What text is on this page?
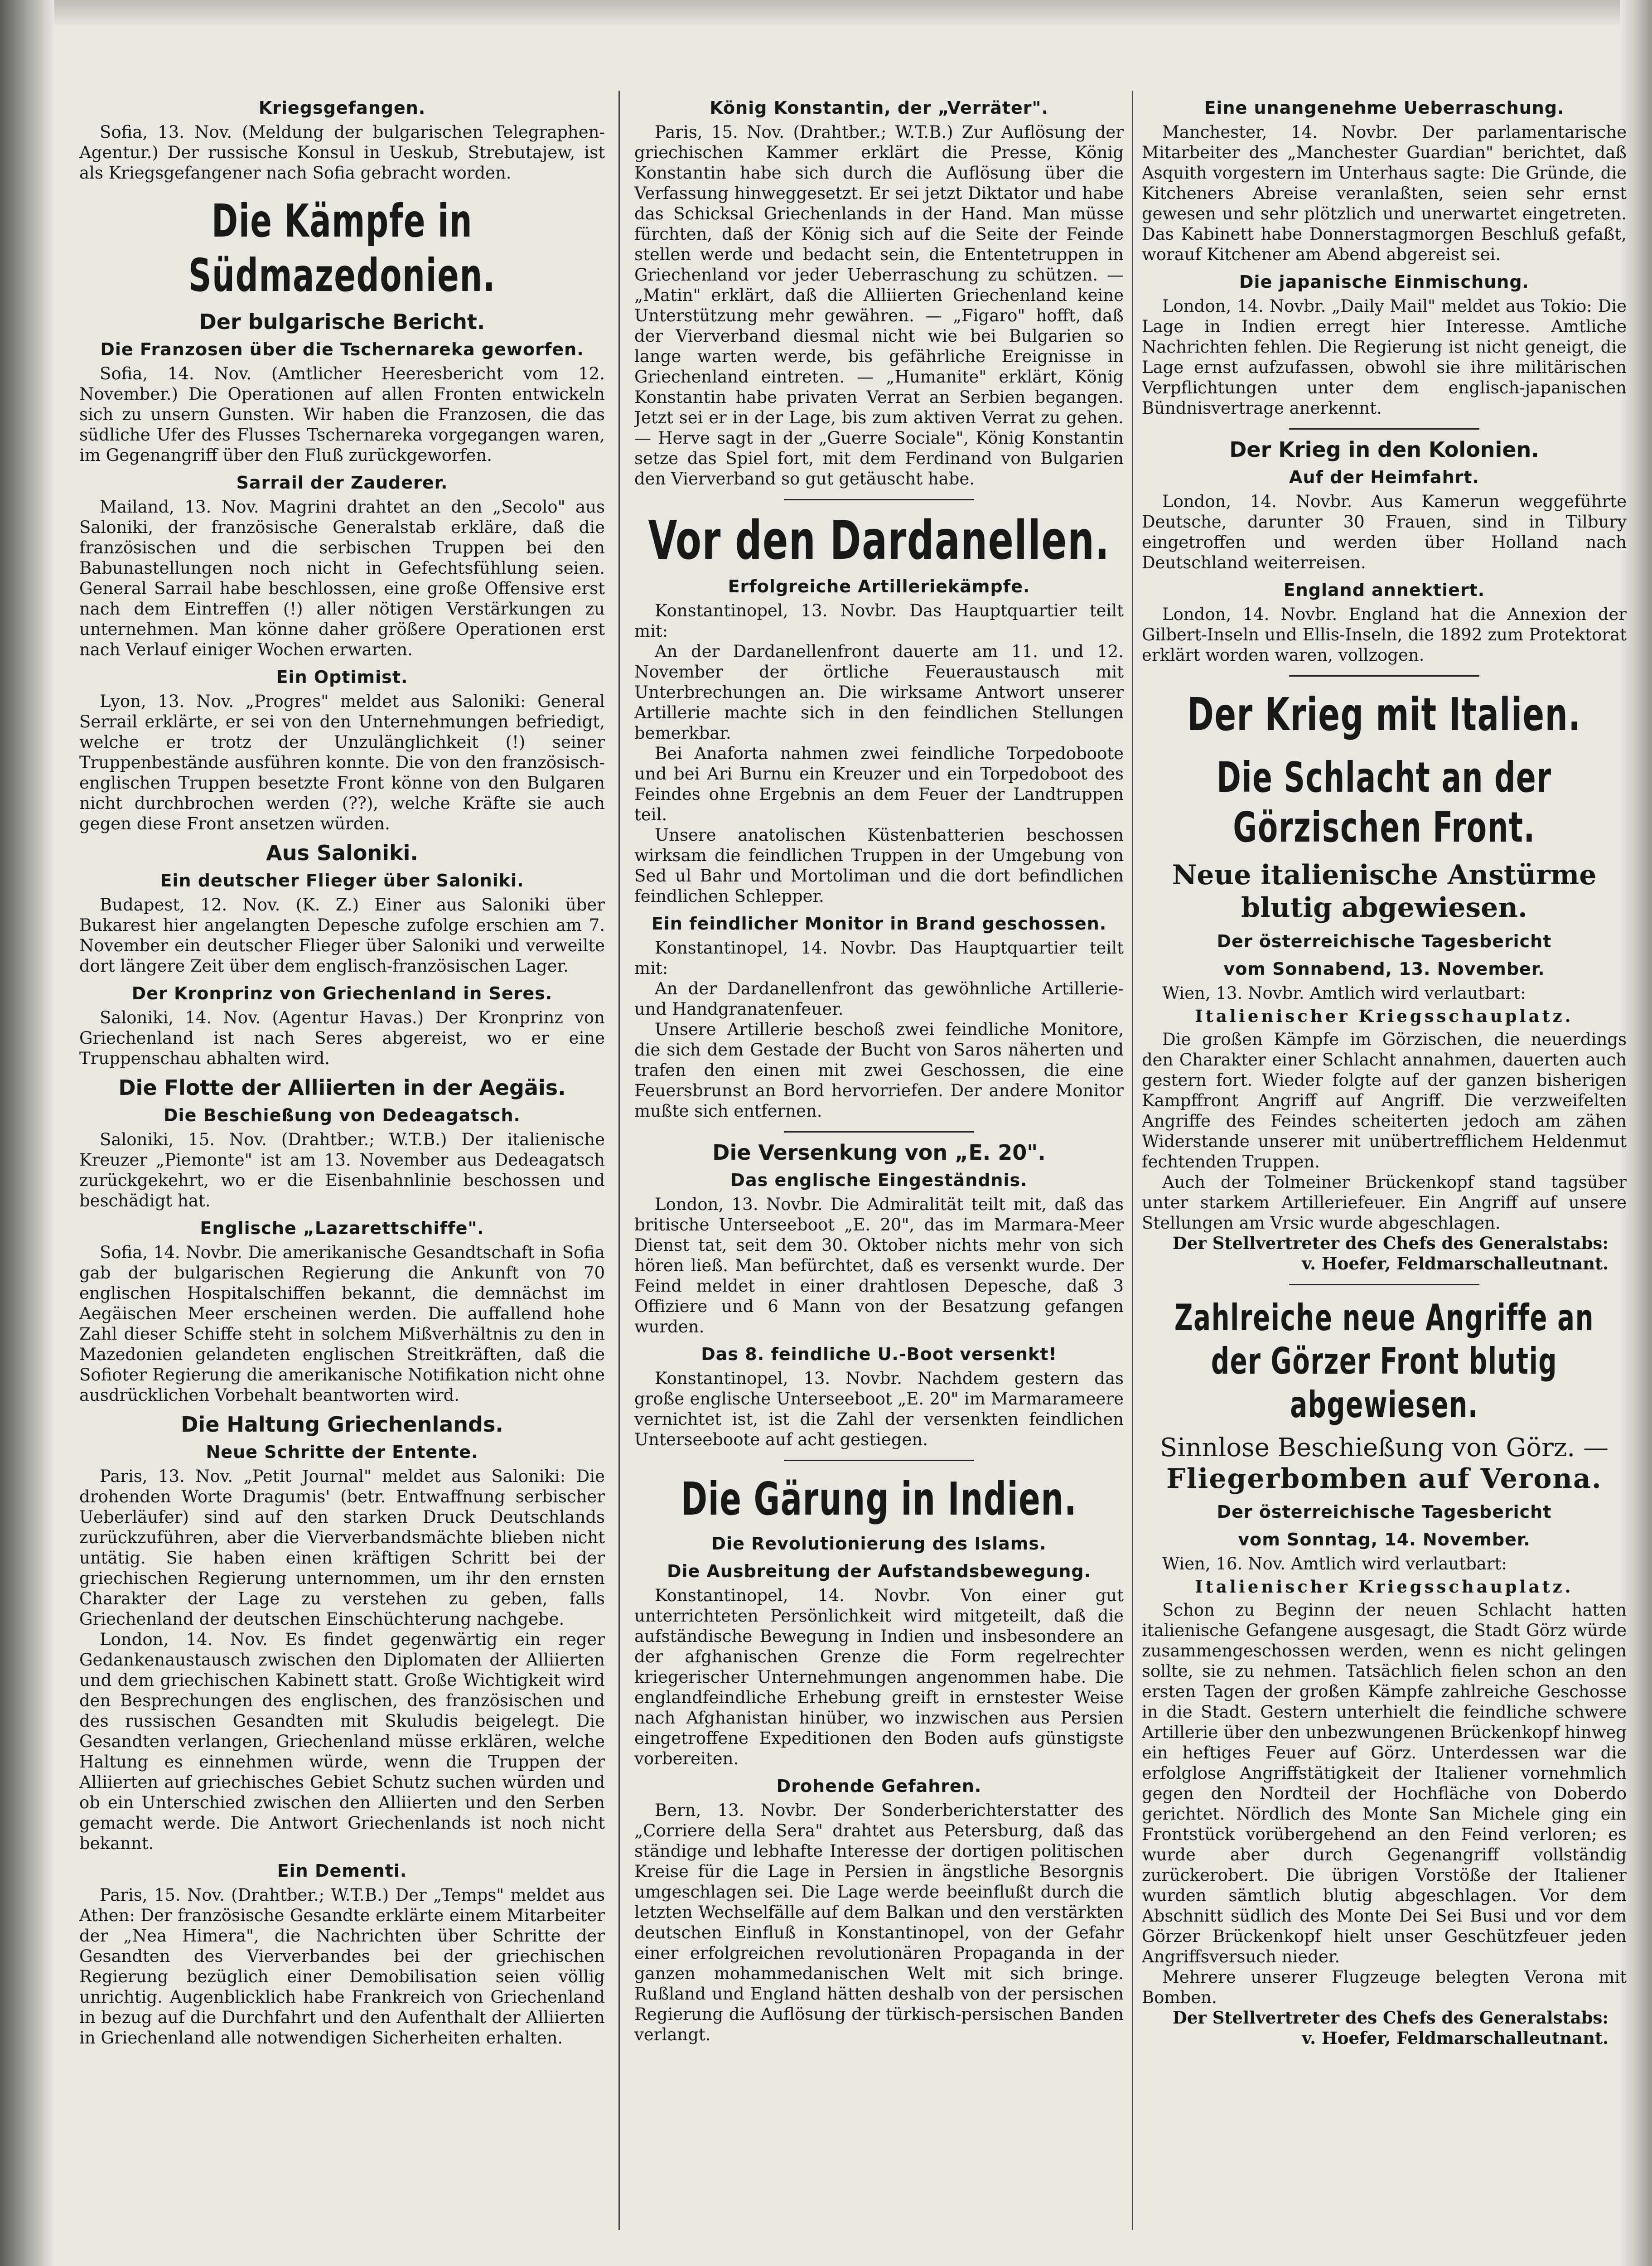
Kriegsgefangen.

Sofia, 13. Nov. (Meldung der bulgarischen Telegraphen-Agentur.) Der russische Konsul in Ueskub, Strebutajew, ist als Kriegsgefangener nach Sofia gebracht worden.

Die Kämpfe in Südmazedonien.
Der bulgarische Bericht.
Die Franzosen über die Tschernareka geworfen.

Sofia, 14. Nov. (Amtlicher Heeresbericht vom 12. November.) Die Operationen auf allen Fronten entwickeln sich zu unsern Gunsten. Wir haben die Franzosen, die das südliche Ufer des Flusses Tschernareka vorgegangen waren, im Gegenangriff über den Fluß zurückgeworfen.

Sarrail der Zauderer.

Mailand, 13. Nov. Magrini drahtet an den „Secolo" aus Saloniki, der französische Generalstab erkläre, daß die französischen und die serbischen Truppen bei den Babunastellungen noch nicht in Gefechtsfühlung seien. General Sarrail habe beschlossen, eine große Offensive erst nach dem Eintreffen (!) aller nötigen Verstärkungen zu unternehmen. Man könne daher größere Operationen erst nach Verlauf einiger Wochen erwarten.

Ein Optimist.

Lyon, 13. Nov. „Progres" meldet aus Saloniki: General Serrail erklärte, er sei von den Unternehmungen befriedigt, welche er trotz der Unzulänglichkeit (!) seiner Truppenbestände ausführen konnte. Die von den französisch-englischen Truppen besetzte Front könne von den Bulgaren nicht durchbrochen werden (??), welche Kräfte sie auch gegen diese Front ansetzen würden.

Aus Saloniki.
Ein deutscher Flieger über Saloniki.

Budapest, 12. Nov. (K. Z.) Einer aus Saloniki über Bukarest hier angelangten Depesche zufolge erschien am 7. November ein deutscher Flieger über Saloniki und verweilte dort längere Zeit über dem englisch-französischen Lager.

Der Kronprinz von Griechenland in Seres.

Saloniki, 14. Nov. (Agentur Havas.) Der Kronprinz von Griechenland ist nach Seres abgereist, wo er eine Truppenschau abhalten wird.

Die Flotte der Alliierten in der Aegäis.
Die Beschießung von Dedeagatsch.

Saloniki, 15. Nov. (Drahtber.; W.T.B.) Der italienische Kreuzer „Piemonte" ist am 13. November aus Dedeagatsch zurückgekehrt, wo er die Eisenbahnlinie beschossen und beschädigt hat.

Englische „Lazarettschiffe".

Sofia, 14. Novbr. Die amerikanische Gesandtschaft in Sofia gab der bulgarischen Regierung die Ankunft von 70 englischen Hospitalschiffen bekannt, die demnächst im Aegäischen Meer erscheinen werden. Die auffallend hohe Zahl dieser Schiffe steht in solchem Mißverhältnis zu den in Mazedonien gelandeten englischen Streitkräften, daß die Sofioter Regierung die amerikanische Notifikation nicht ohne ausdrücklichen Vorbehalt beantworten wird.

Die Haltung Griechenlands.
Neue Schritte der Entente.

Paris, 13. Nov. „Petit Journal" meldet aus Saloniki: Die drohenden Worte Dragumis' (betr. Entwaffnung serbischer Ueberläufer) sind auf den starken Druck Deutschlands zurückzuführen, aber die Vierverbandsmächte blieben nicht untätig. Sie haben einen kräftigen Schritt bei der griechischen Regierung unternommen, um ihr den ernsten Charakter der Lage zu verstehen zu geben, falls Griechenland der deutschen Einschüchterung nachgebe.

London, 14. Nov. Es findet gegenwärtig ein reger Gedankenaustausch zwischen den Diplomaten der Alliierten und dem griechischen Kabinett statt. Große Wichtigkeit wird den Besprechungen des englischen, des französischen und des russischen Gesandten mit Skuludis beigelegt. Die Gesandten verlangen, Griechenland müsse erklären, welche Haltung es einnehmen würde, wenn die Truppen der Alliierten auf griechisches Gebiet Schutz suchen würden und ob ein Unterschied zwischen den Alliierten und den Serben gemacht werde. Die Antwort Griechenlands ist noch nicht bekannt.

Ein Dementi.

Paris, 15. Nov. (Drahtber.; W.T.B.) Der „Temps" meldet aus Athen: Der französische Gesandte erklärte einem Mitarbeiter der „Nea Himera", die Nachrichten über Schritte der Gesandten des Vierverbandes bei der griechischen Regierung bezüglich einer Demobilisation seien völlig unrichtig. Augenblicklich habe Frankreich von Griechenland in bezug auf die Durchfahrt und den Aufenthalt der Alliierten in Griechenland alle notwendigen Sicherheiten erhalten.

König Konstantin, der „Verräter".

Paris, 15. Nov. (Drahtber.; W.T.B.) Zur Auflösung der griechischen Kammer erklärt die Presse, König Konstantin habe sich durch die Auflösung über die Verfassung hinweggesetzt. Er sei jetzt Diktator und habe das Schicksal Griechenlands in der Hand. Man müsse fürchten, daß der König sich auf die Seite der Feinde stellen werde und bedacht sein, die Ententetruppen in Griechenland vor jeder Ueberraschung zu schützen. — „Matin" erklärt, daß die Alliierten Griechenland keine Unterstützung mehr gewähren. — „Figaro" hofft, daß der Vierverband diesmal nicht wie bei Bulgarien so lange warten werde, bis gefährliche Ereignisse in Griechenland eintreten. — „Humanite" erklärt, König Konstantin habe privaten Verrat an Serbien begangen. Jetzt sei er in der Lage, bis zum aktiven Verrat zu gehen. — Herve sagt in der „Guerre Sociale", König Konstantin setze das Spiel fort, mit dem Ferdinand von Bulgarien den Vierverband so gut getäuscht habe.

Vor den Dardanellen.
Erfolgreiche Artilleriekämpfe.

Konstantinopel, 13. Novbr. Das Hauptquartier teilt mit:

An der Dardanellenfront dauerte am 11. und 12. November der örtliche Feueraustausch mit Unterbrechungen an. Die wirksame Antwort unserer Artillerie machte sich in den feindlichen Stellungen bemerkbar.

Bei Anaforta nahmen zwei feindliche Torpedoboote und bei Ari Burnu ein Kreuzer und ein Torpedoboot des Feindes ohne Ergebnis an dem Feuer der Landtruppen teil.

Unsere anatolischen Küstenbatterien beschossen wirksam die feindlichen Truppen in der Umgebung von Sed ul Bahr und Mortoliman und die dort befindlichen feindlichen Schlepper.

Ein feindlicher Monitor in Brand geschossen.

Konstantinopel, 14. Novbr. Das Hauptquartier teilt mit:

An der Dardanellenfront das gewöhnliche Artillerie- und Handgranatenfeuer.

Unsere Artillerie beschoß zwei feindliche Monitore, die sich dem Gestade der Bucht von Saros näherten und trafen den einen mit zwei Geschossen, die eine Feuersbrunst an Bord hervorriefen. Der andere Monitor mußte sich entfernen.

Die Versenkung von „E. 20".
Das englische Eingeständnis.

London, 13. Novbr. Die Admiralität teilt mit, daß das britische Unterseeboot „E. 20", das im Marmara-Meer Dienst tat, seit dem 30. Oktober nichts mehr von sich hören ließ. Man befürchtet, daß es versenkt wurde. Der Feind meldet in einer drahtlosen Depesche, daß 3 Offiziere und 6 Mann von der Besatzung gefangen wurden.

Das 8. feindliche U.-Boot versenkt!

Konstantinopel, 13. Novbr. Nachdem gestern das große englische Unterseeboot „E. 20" im Marmarameere vernichtet ist, ist die Zahl der versenkten feindlichen Unterseeboote auf acht gestiegen.

Die Gärung in Indien.
Die Revolutionierung des Islams.
Die Ausbreitung der Aufstandsbewegung.

Konstantinopel, 14. Novbr. Von einer gut unterrichteten Persönlichkeit wird mitgeteilt, daß die aufständische Bewegung in Indien und insbesondere an der afghanischen Grenze die Form regelrechter kriegerischer Unternehmungen angenommen habe. Die englandfeindliche Erhebung greift in ernstester Weise nach Afghanistan hinüber, wo inzwischen aus Persien eingetroffene Expeditionen den Boden aufs günstigste vorbereiten.

Drohende Gefahren.

Bern, 13. Novbr. Der Sonderberichterstatter des „Corriere della Sera" drahtet aus Petersburg, daß das ständige und lebhafte Interesse der dortigen politischen Kreise für die Lage in Persien in ängstliche Besorgnis umgeschlagen sei. Die Lage werde beeinflußt durch die letzten Wechselfälle auf dem Balkan und den verstärkten deutschen Einfluß in Konstantinopel, von der Gefahr einer erfolgreichen revolutionären Propaganda in der ganzen mohammedanischen Welt mit sich bringe. Rußland und England hätten deshalb von der persischen Regierung die Auflösung der türkisch-persischen Banden verlangt.

Eine unangenehme Ueberraschung.

Manchester, 14. Novbr. Der parlamentarische Mitarbeiter des „Manchester Guardian" berichtet, daß Asquith vorgestern im Unterhaus sagte: Die Gründe, die Kitcheners Abreise veranlaßten, seien sehr ernst gewesen und sehr plötzlich und unerwartet eingetreten. Das Kabinett habe Donnerstagmorgen Beschluß gefaßt, worauf Kitchener am Abend abgereist sei.

Die japanische Einmischung.

London, 14. Novbr. „Daily Mail" meldet aus Tokio: Die Lage in Indien erregt hier Interesse. Amtliche Nachrichten fehlen. Die Regierung ist nicht geneigt, die Lage ernst aufzufassen, obwohl sie ihre militärischen Verpflichtungen unter dem englisch-japanischen Bündnisvertrage anerkennt.

Der Krieg in den Kolonien.
Auf der Heimfahrt.

London, 14. Novbr. Aus Kamerun weggeführte Deutsche, darunter 30 Frauen, sind in Tilbury eingetroffen und werden über Holland nach Deutschland weiterreisen.

England annektiert.

London, 14. Novbr. England hat die Annexion der Gilbert-Inseln und Ellis-Inseln, die 1892 zum Protektorat erklärt worden waren, vollzogen.

Der Krieg mit Italien.
Die Schlacht an der Görzischen Front.
Neue italienische Anstürme blutig abgewiesen.
Der österreichische Tagesbericht
vom Sonnabend, 13. November.

Wien, 13. Novbr. Amtlich wird verlautbart:

Italienischer Kriegsschauplatz.

Die großen Kämpfe im Görzischen, die neuerdings den Charakter einer Schlacht annahmen, dauerten auch gestern fort. Wieder folgte auf der ganzen bisherigen Kampffront Angriff auf Angriff. Die verzweifelten Angriffe des Feindes scheiterten jedoch am zähen Widerstande unserer mit unübertrefflichem Heldenmut fechtenden Truppen.

Auch der Tolmeiner Brückenkopf stand tagsüber unter starkem Artilleriefeuer. Ein Angriff auf unsere Stellungen am Vrsic wurde abgeschlagen.

Der Stellvertreter des Chefs des Generalstabs:
v. Hoefer, Feldmarschalleutnant.
Zahlreiche neue Angriffe an der Görzer Front blutig abgewiesen.
Sinnlose Beschießung von Görz. —
Fliegerbomben auf Verona.
Der österreichische Tagesbericht
vom Sonntag, 14. November.

Wien, 16. Nov. Amtlich wird verlautbart:

Italienischer Kriegsschauplatz.

Schon zu Beginn der neuen Schlacht hatten italienische Gefangene ausgesagt, die Stadt Görz würde zusammengeschossen werden, wenn es nicht gelingen sollte, sie zu nehmen. Tatsächlich fielen schon an den ersten Tagen der großen Kämpfe zahlreiche Geschosse in die Stadt. Gestern unterhielt die feindliche schwere Artillerie über den unbezwungenen Brückenkopf hinweg ein heftiges Feuer auf Görz. Unterdessen war die erfolglose Angriffstätigkeit der Italiener vornehmlich gegen den Nordteil der Hochfläche von Doberdo gerichtet. Nördlich des Monte San Michele ging ein Frontstück vorübergehend an den Feind verloren; es wurde aber durch Gegenangriff vollständig zurückerobert. Die übrigen Vorstöße der Italiener wurden sämtlich blutig abgeschlagen. Vor dem Abschnitt südlich des Monte Dei Sei Busi und vor dem Görzer Brückenkopf hielt unser Geschützfeuer jeden Angriffsversuch nieder.

Mehrere unserer Flugzeuge belegten Verona mit Bomben.

Der Stellvertreter des Chefs des Generalstabs:
v. Hoefer, Feldmarschalleutnant.
